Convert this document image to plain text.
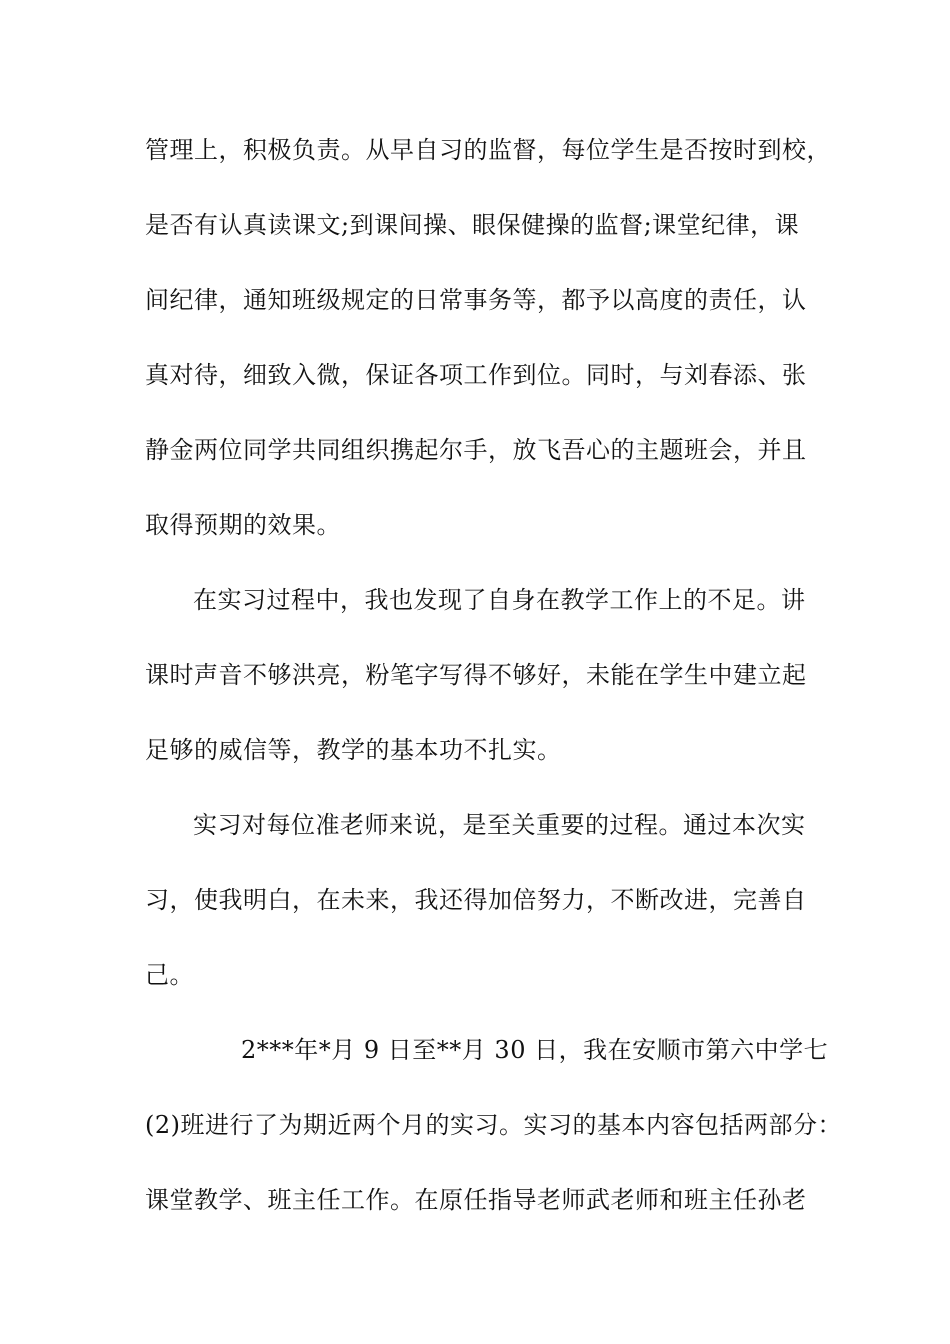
管理上，积极负责。从早自习的监督，每位学生是否按时到校，
是否有认真读课文;到课间操、眼保健操的监督;课堂纪律，课
间纪律，通知班级规定的日常事务等，都予以高度的责任，认
真对待，细致入微，保证各项工作到位。同时，与刘春添、张
静金两位同学共同组织携起尔手，放飞吾心的主题班会，并且
取得预期的效果。
在实习过程中，我也发现了自身在教学工作上的不足。讲
课时声音不够洪亮，粉笔字写得不够好，未能在学生中建立起
足够的威信等，教学的基本功不扎实。
实习对每位准老师来说，是至关重要的过程。通过本次实
习，使我明白，在未来，我还得加倍努力，不断改进，完善自
己。
2***年*月 9 日至**月 30 日，我在安顺市第六中学七
(2)班进行了为期近两个月的实习。实习的基本内容包括两部分：
课堂教学、班主任工作。在原任指导老师武老师和班主任孙老
